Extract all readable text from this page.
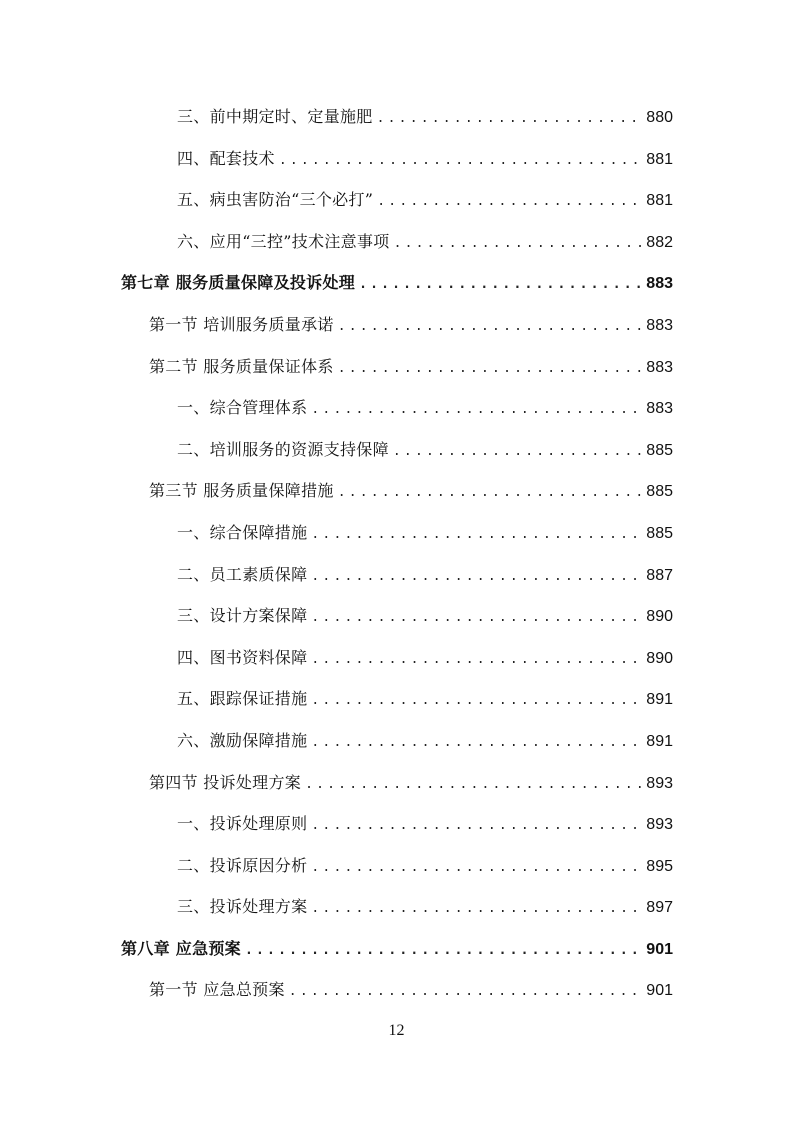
三、前中期定时、定量施肥 .....	880
四、配套技术 .....	881
五、病虫害防治“三个必打” .....	881
六、应用“三控”技术注意事项 .....	882
第七章 服务质量保障及投诉处理 .....	883
第一节 培训服务质量承诺 .....	883
第二节 服务质量保证体系 .....	883
一、综合管理体系 .....	883
二、培训服务的资源支持保障 .....	885
第三节 服务质量保障措施 .....	885
一、综合保障措施 .....	885
二、员工素质保障 .....	887
三、设计方案保障 .....	890
四、图书资料保障 .....	890
五、跟踪保证措施 .....	891
六、激励保障措施 .....	891
第四节 投诉处理方案 .....	893
一、投诉处理原则 .....	893
二、投诉原因分析 .....	895
三、投诉处理方案 .....	897
第八章 应急预案 .....	901
第一节 应急总预案 .....	901
12
